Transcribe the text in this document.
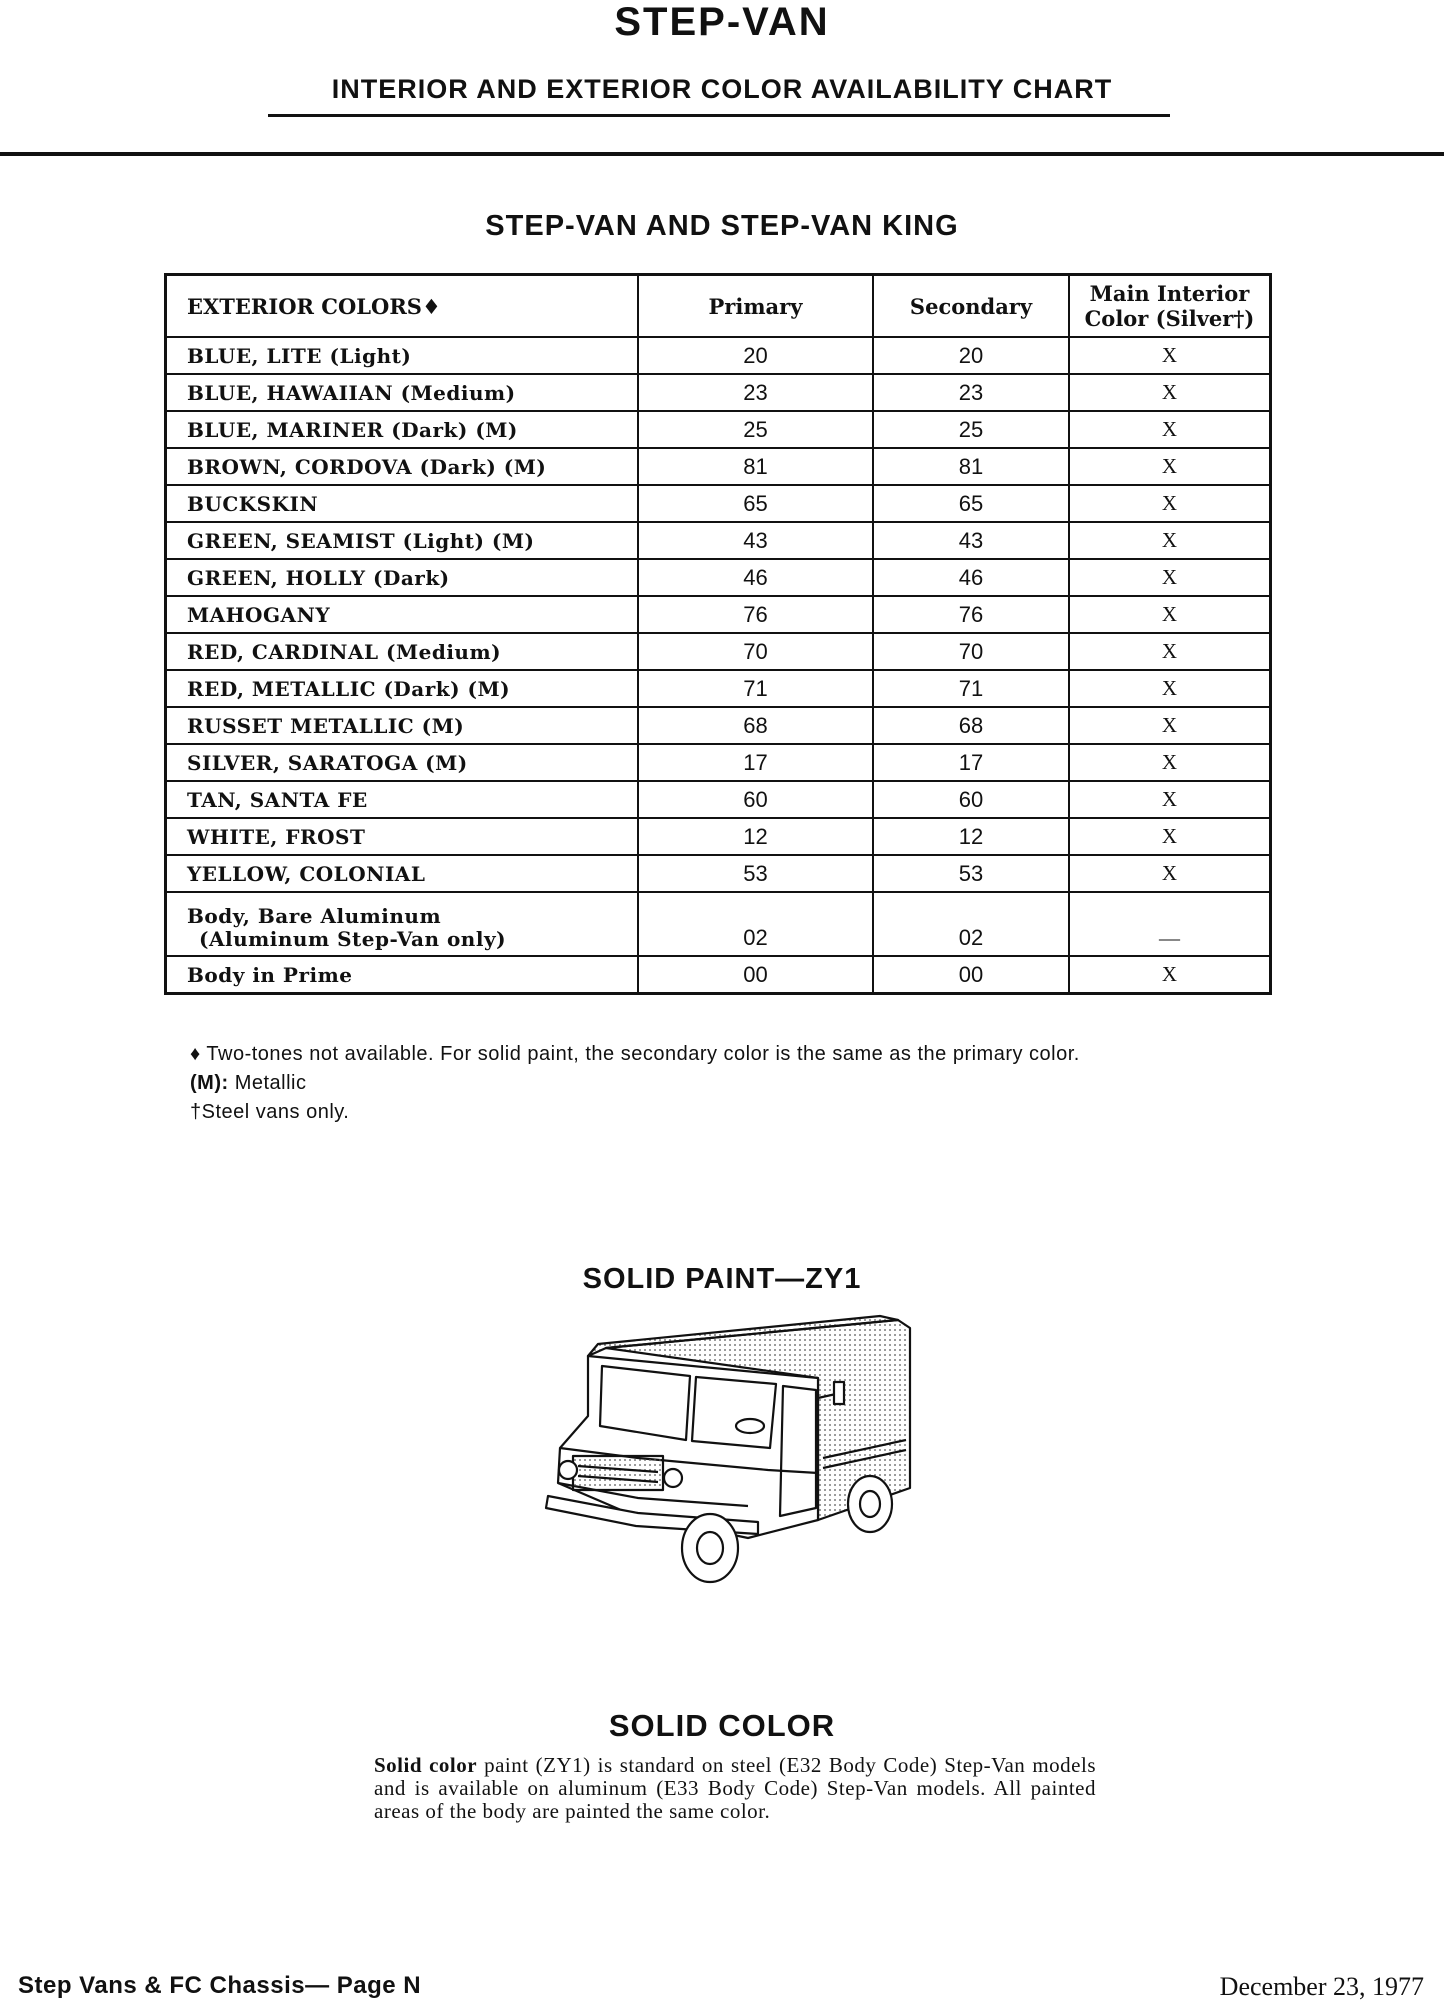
STEP-VAN
INTERIOR AND EXTERIOR COLOR AVAILABILITY CHART
STEP-VAN AND STEP-VAN KING
EXTERIOR COLORS♦	Primary	Secondary	Main Interior
Color (Silver†)
BLUE, LITE (Light)	20	20	X
BLUE, HAWAIIAN (Medium)	23	23	X
BLUE, MARINER (Dark) (M)	25	25	X
BROWN, CORDOVA (Dark) (M)	81	81	X
BUCKSKIN	65	65	X
GREEN, SEAMIST (Light) (M)	43	43	X
GREEN, HOLLY (Dark)	46	46	X
MAHOGANY	76	76	X
RED, CARDINAL (Medium)	70	70	X
RED, METALLIC (Dark) (M)	71	71	X
RUSSET METALLIC (M)	68	68	X
SILVER, SARATOGA (M)	17	17	X
TAN, SANTA FE	60	60	X
WHITE, FROST	12	12	X
YELLOW, COLONIAL	53	53	X
Body, Bare Aluminum
(Aluminum Step-Van only)	02	02	—
Body in Prime	00	00	X
♦ Two-tones not available. For solid paint, the secondary color is the same as the primary color.
(M): Metallic
†Steel vans only.
SOLID PAINT—ZY1
SOLID COLOR
Solid color paint (ZY1) is standard on steel (E32 Body Code) Step-Van models and is available on aluminum (E33 Body Code) Step-Van models. All painted areas of the body are painted the same color.
Step Vans & FC Chassis— Page N	December 23, 1977
